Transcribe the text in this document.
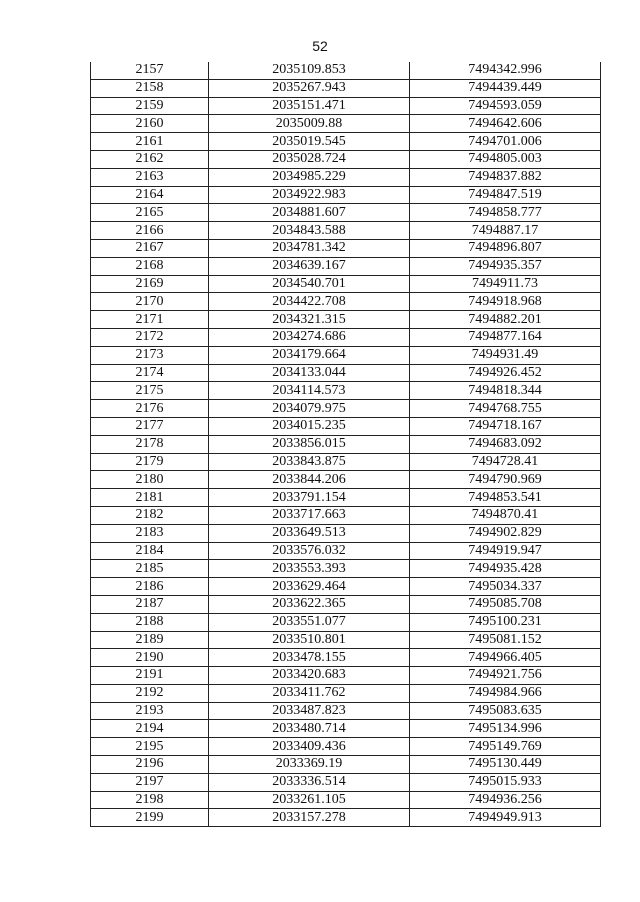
52
2157	2035109.853	7494342.996
2158	2035267.943	7494439.449
2159	2035151.471	7494593.059
2160	2035009.88	7494642.606
2161	2035019.545	7494701.006
2162	2035028.724	7494805.003
2163	2034985.229	7494837.882
2164	2034922.983	7494847.519
2165	2034881.607	7494858.777
2166	2034843.588	7494887.17
2167	2034781.342	7494896.807
2168	2034639.167	7494935.357
2169	2034540.701	7494911.73
2170	2034422.708	7494918.968
2171	2034321.315	7494882.201
2172	2034274.686	7494877.164
2173	2034179.664	7494931.49
2174	2034133.044	7494926.452
2175	2034114.573	7494818.344
2176	2034079.975	7494768.755
2177	2034015.235	7494718.167
2178	2033856.015	7494683.092
2179	2033843.875	7494728.41
2180	2033844.206	7494790.969
2181	2033791.154	7494853.541
2182	2033717.663	7494870.41
2183	2033649.513	7494902.829
2184	2033576.032	7494919.947
2185	2033553.393	7494935.428
2186	2033629.464	7495034.337
2187	2033622.365	7495085.708
2188	2033551.077	7495100.231
2189	2033510.801	7495081.152
2190	2033478.155	7494966.405
2191	2033420.683	7494921.756
2192	2033411.762	7494984.966
2193	2033487.823	7495083.635
2194	2033480.714	7495134.996
2195	2033409.436	7495149.769
2196	2033369.19	7495130.449
2197	2033336.514	7495015.933
2198	2033261.105	7494936.256
2199	2033157.278	7494949.913
